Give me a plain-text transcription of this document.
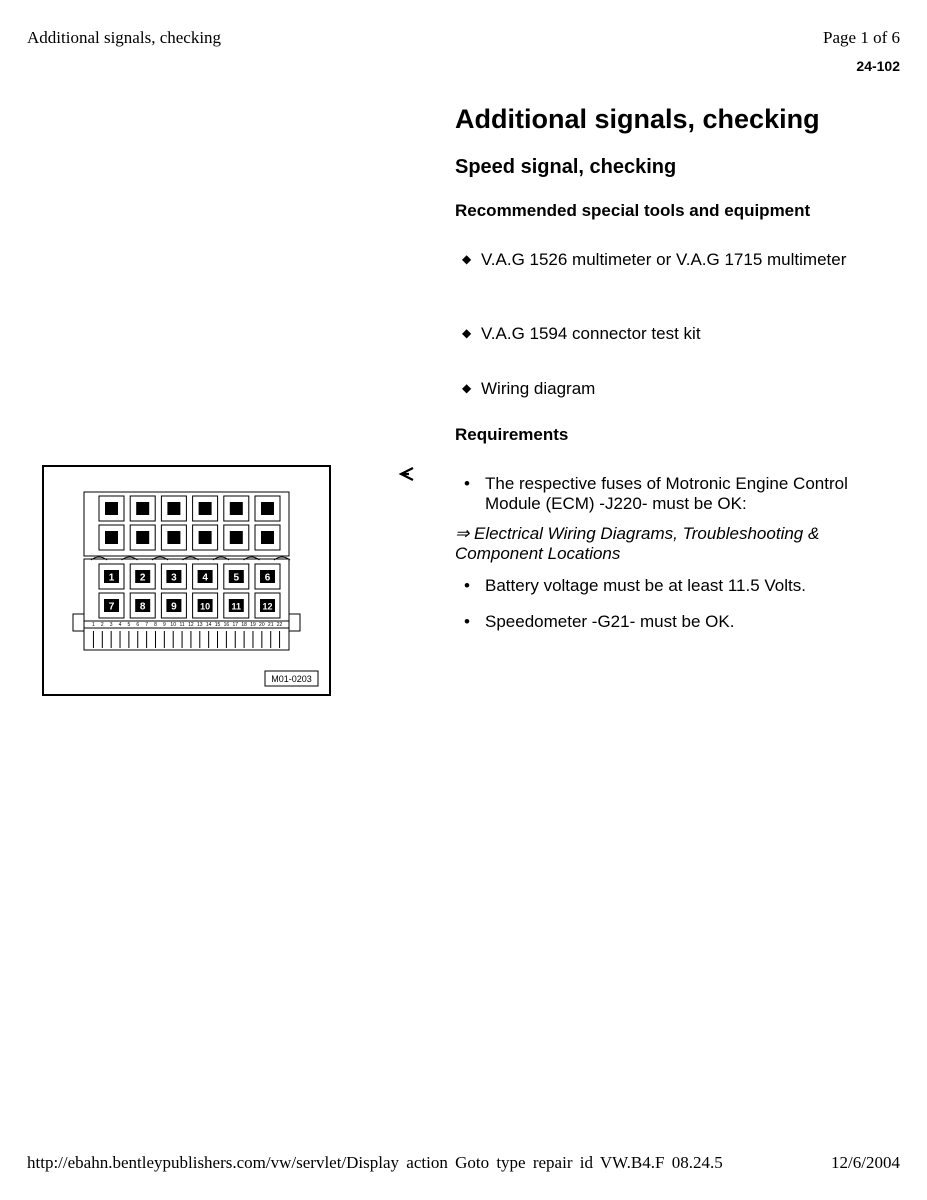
Additional signals, checking	Page 1 of 6
24-102
Additional signals, checking
Speed signal, checking
Recommended special tools and equipment
◆ V.A.G 1526 multimeter or V.A.G 1715 multimeter
◆ V.A.G 1594 connector test kit
◆ Wiring diagram
Requirements
• The respective fuses of Motronic Engine Control Module (ECM) -J220- must be OK:
⇒ Electrical Wiring Diagrams, Troubleshooting & Component Locations
• Battery voltage must be at least 11.5 Volts.
• Speedometer -G21- must be OK.
1	2	3	4	5	6
7	8	9	10 11 12
1 2 3 4 5 6 7 8 9 10 11 12 13 14 15 16 17 18 19 20 21 22
M01-0203
http://ebahn.bentleypublishers.com/vw/servlet/Display action Goto type repair id VW.B4.F 08.24.5	12/6/2004
